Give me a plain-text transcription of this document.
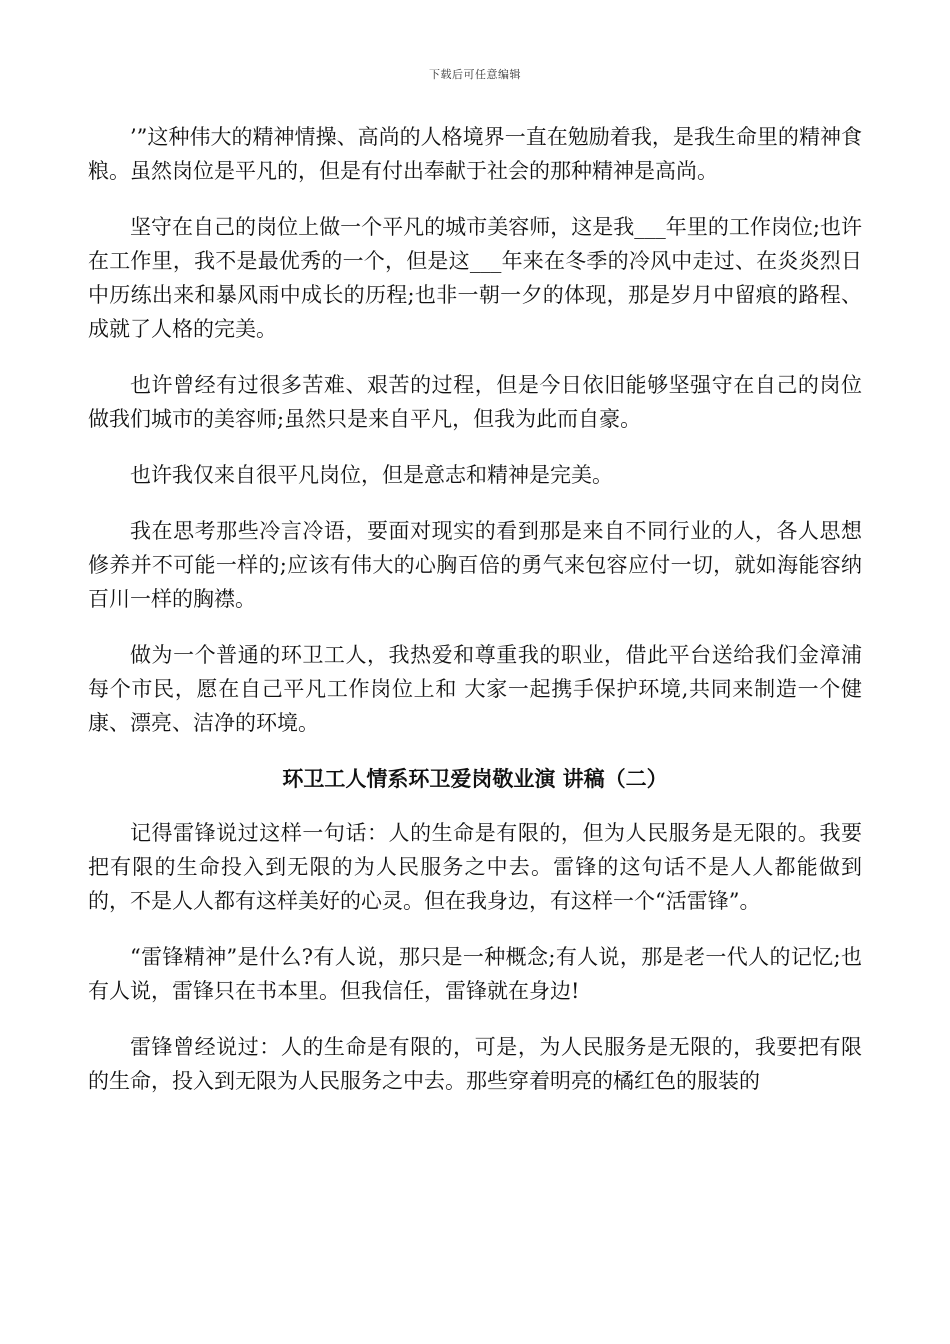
下载后可任意编辑

’”这种伟大的精神情操、高尚的人格境界一直在勉励着我，是我生命里的精神食粮。虽然岗位是平凡的，但是有付出奉献于社会的那种精神是高尚。

坚守在自己的岗位上做一个平凡的城市美容师，这是我___年里的工作岗位;也许在工作里，我不是最优秀的一个，但是这___年来在冬季的冷风中走过、在炎炎烈日中历练出来和暴风雨中成长的历程;也非一朝一夕的体现，那是岁月中留痕的路程、成就了人格的完美。

也许曾经有过很多苦难、艰苦的过程，但是今日依旧能够坚强守在自己的岗位做我们城市的美容师;虽然只是来自平凡，但我为此而自豪。

也许我仅来自很平凡岗位，但是意志和精神是完美。

我在思考那些冷言冷语，要面对现实的看到那是来自不同行业的人，各人思想修养并不可能一样的;应该有伟大的心胸百倍的勇气来包容应付一切，就如海能容纳百川一样的胸襟。

做为一个普通的环卫工人，我热爱和尊重我的职业，借此平台送给我们金漳浦每个市民，愿在自己平凡工作岗位上和 大家一起携手保护环境,共同来制造一个健康、漂亮、洁净的环境。

环卫工人情系环卫爱岗敬业演 讲稿（二）

记得雷锋说过这样一句话：人的生命是有限的，但为人民服务是无限的。我要把有限的生命投入到无限的为人民服务之中去。雷锋的这句话不是人人都能做到的，不是人人都有这样美好的心灵。但在我身边，有这样一个“活雷锋”。

“雷锋精神”是什么?有人说，那只是一种概念;有人说，那是老一代人的记忆;也有人说，雷锋只在书本里。但我信任，雷锋就在身边!

雷锋曾经说过：人的生命是有限的，可是，为人民服务是无限的，我要把有限的生命，投入到无限为人民服务之中去。那些穿着明亮的橘红色的服装的
